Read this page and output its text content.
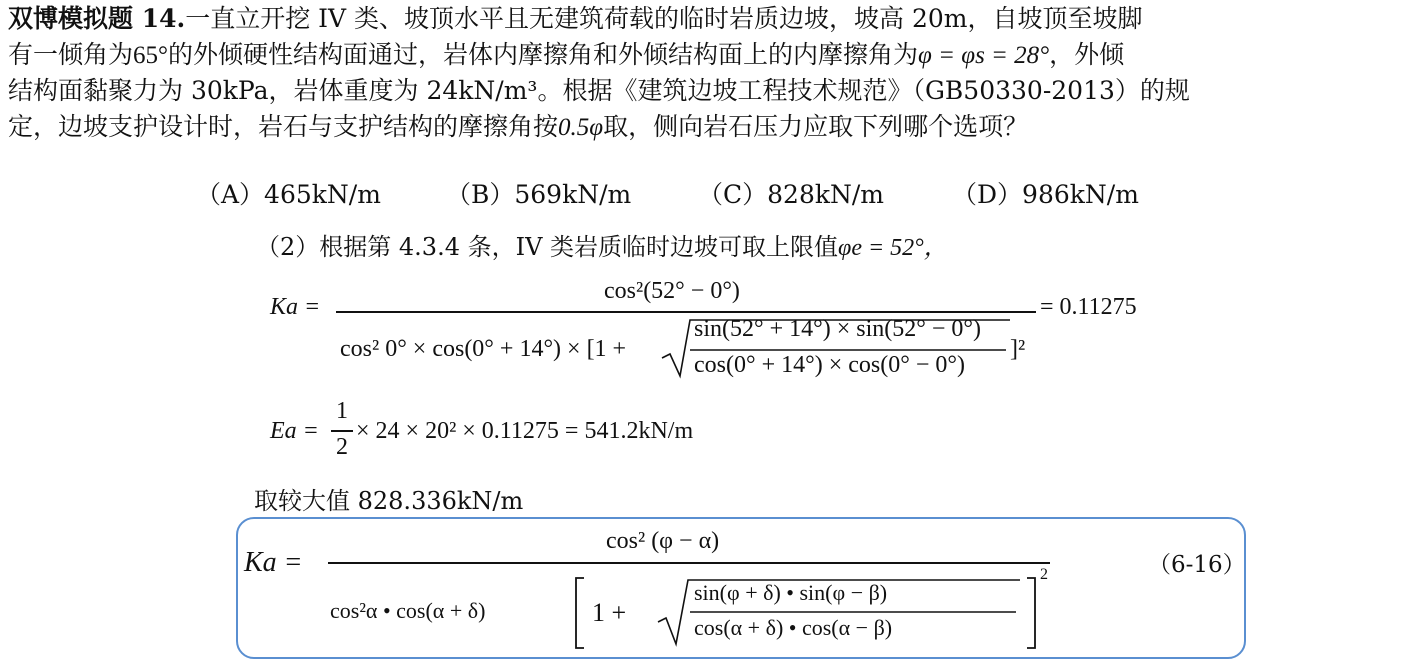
双博模拟题 14.一直立开挖 IV 类、坡顶水平且无建筑荷载的临时岩质边坡，坡高 20m，自坡顶至坡脚
有一倾角为65°的外倾硬性结构面通过，岩体内摩擦角和外倾结构面上的内摩擦角为φ = φs = 28°，外倾
结构面黏聚力为 30kPa，岩体重度为 24kN/m³。根据《建筑边坡工程技术规范》（GB50330-2013）的规
定，边坡支护设计时，岩石与支护结构的摩擦角按0.5φ取，侧向岩石压力应取下列哪个选项？
（A）465kN/m	（B）569kN/m	（C）828kN/m	（D）986kN/m
（2）根据第 4.3.4 条，IV 类岩质临时边坡可取上限值φe = 52°，
Ka =
cos²(52° − 0°)
cos² 0° × cos(0° + 14°) × [1 +
sin(52° + 14°) × sin(52° − 0°)
cos(0° + 14°) × cos(0° − 0°)
]²
= 0.11275
Ea =
1
2
× 24 × 20² × 0.11275 = 541.2kN/m
取较大值 828.336kN/m
Ka =
cos² (φ − α)
cos²α • cos(α + δ)	1 +
sin(φ + δ) • sin(φ − β)
cos(α + δ) • cos(α − β)
2	（6-16）
